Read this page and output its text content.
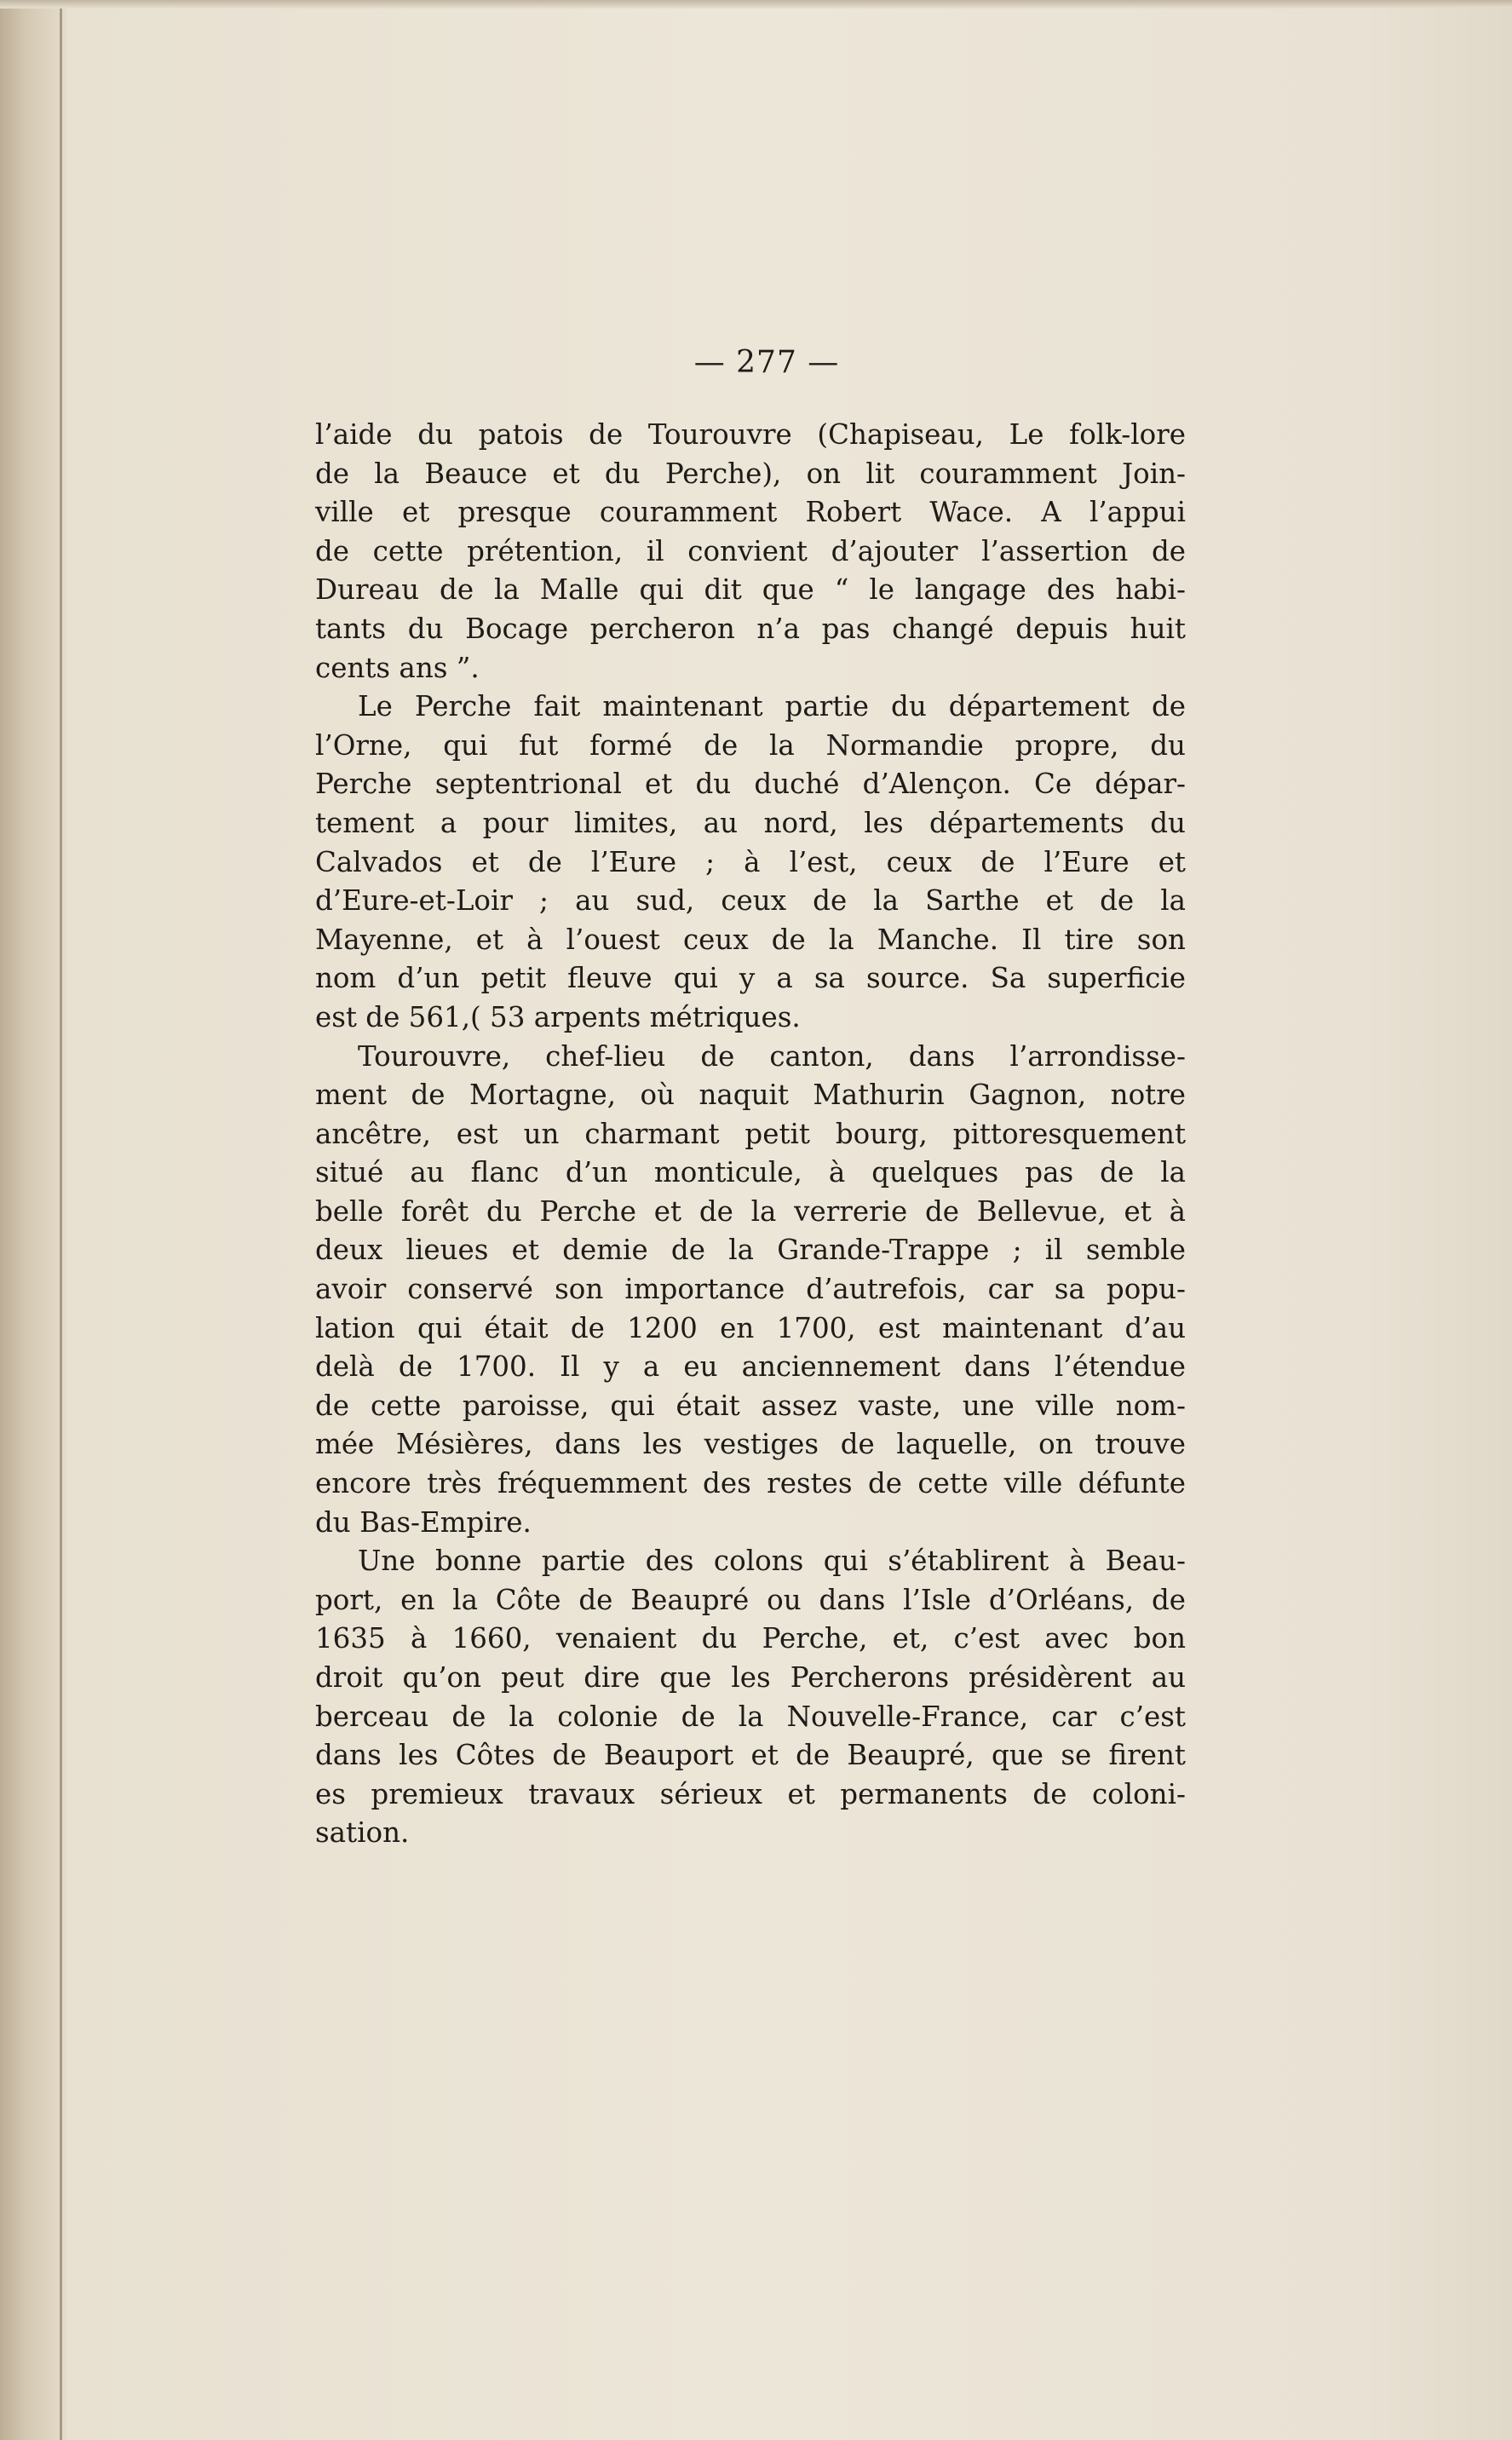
— 277 —
l’aide du patois de Tourouvre (Chapiseau, Le folk-lore
de la Beauce et du Perche), on lit couramment Join-
ville et presque couramment Robert Wace. A l’appui
de cette prétention, il convient d’ajouter l’assertion de
Dureau de la Malle qui dit que “ le langage des habi-
tants du Bocage percheron n’a pas changé depuis huit
cents ans ”.
Le Perche fait maintenant partie du département de
l’Orne, qui fut formé de la Normandie propre, du
Perche septentrional et du duché d’Alençon. Ce dépar-
tement a pour limites, au nord, les départements du
Calvados et de l’Eure ; à l’est, ceux de l’Eure et
d’Eure-et-Loir ; au sud, ceux de la Sarthe et de la
Mayenne, et à l’ouest ceux de la Manche. Il tire son
nom d’un petit fleuve qui y a sa source. Sa superficie
est de 561,( 53 arpents métriques.
Tourouvre, chef-lieu de canton, dans l’arrondisse-
ment de Mortagne, où naquit Mathurin Gagnon, notre
ancêtre, est un charmant petit bourg, pittoresquement
situé au flanc d’un monticule, à quelques pas de la
belle forêt du Perche et de la verrerie de Bellevue, et à
deux lieues et demie de la Grande-Trappe ; il semble
avoir conservé son importance d’autrefois, car sa popu-
lation qui était de 1200 en 1700, est maintenant d’au
delà de 1700. Il y a eu anciennement dans l’étendue
de cette paroisse, qui était assez vaste, une ville nom-
mée Mésières, dans les vestiges de laquelle, on trouve
encore très fréquemment des restes de cette ville défunte
du Bas-Empire.
Une bonne partie des colons qui s’établirent à Beau-
port, en la Côte de Beaupré ou dans l’Isle d’Orléans, de
1635 à 1660, venaient du Perche, et, c’est avec bon
droit qu’on peut dire que les Percherons présidèrent au
berceau de la colonie de la Nouvelle-France, car c’est
dans les Côtes de Beauport et de Beaupré, que se firent
es premieux travaux sérieux et permanents de coloni-
sation.
